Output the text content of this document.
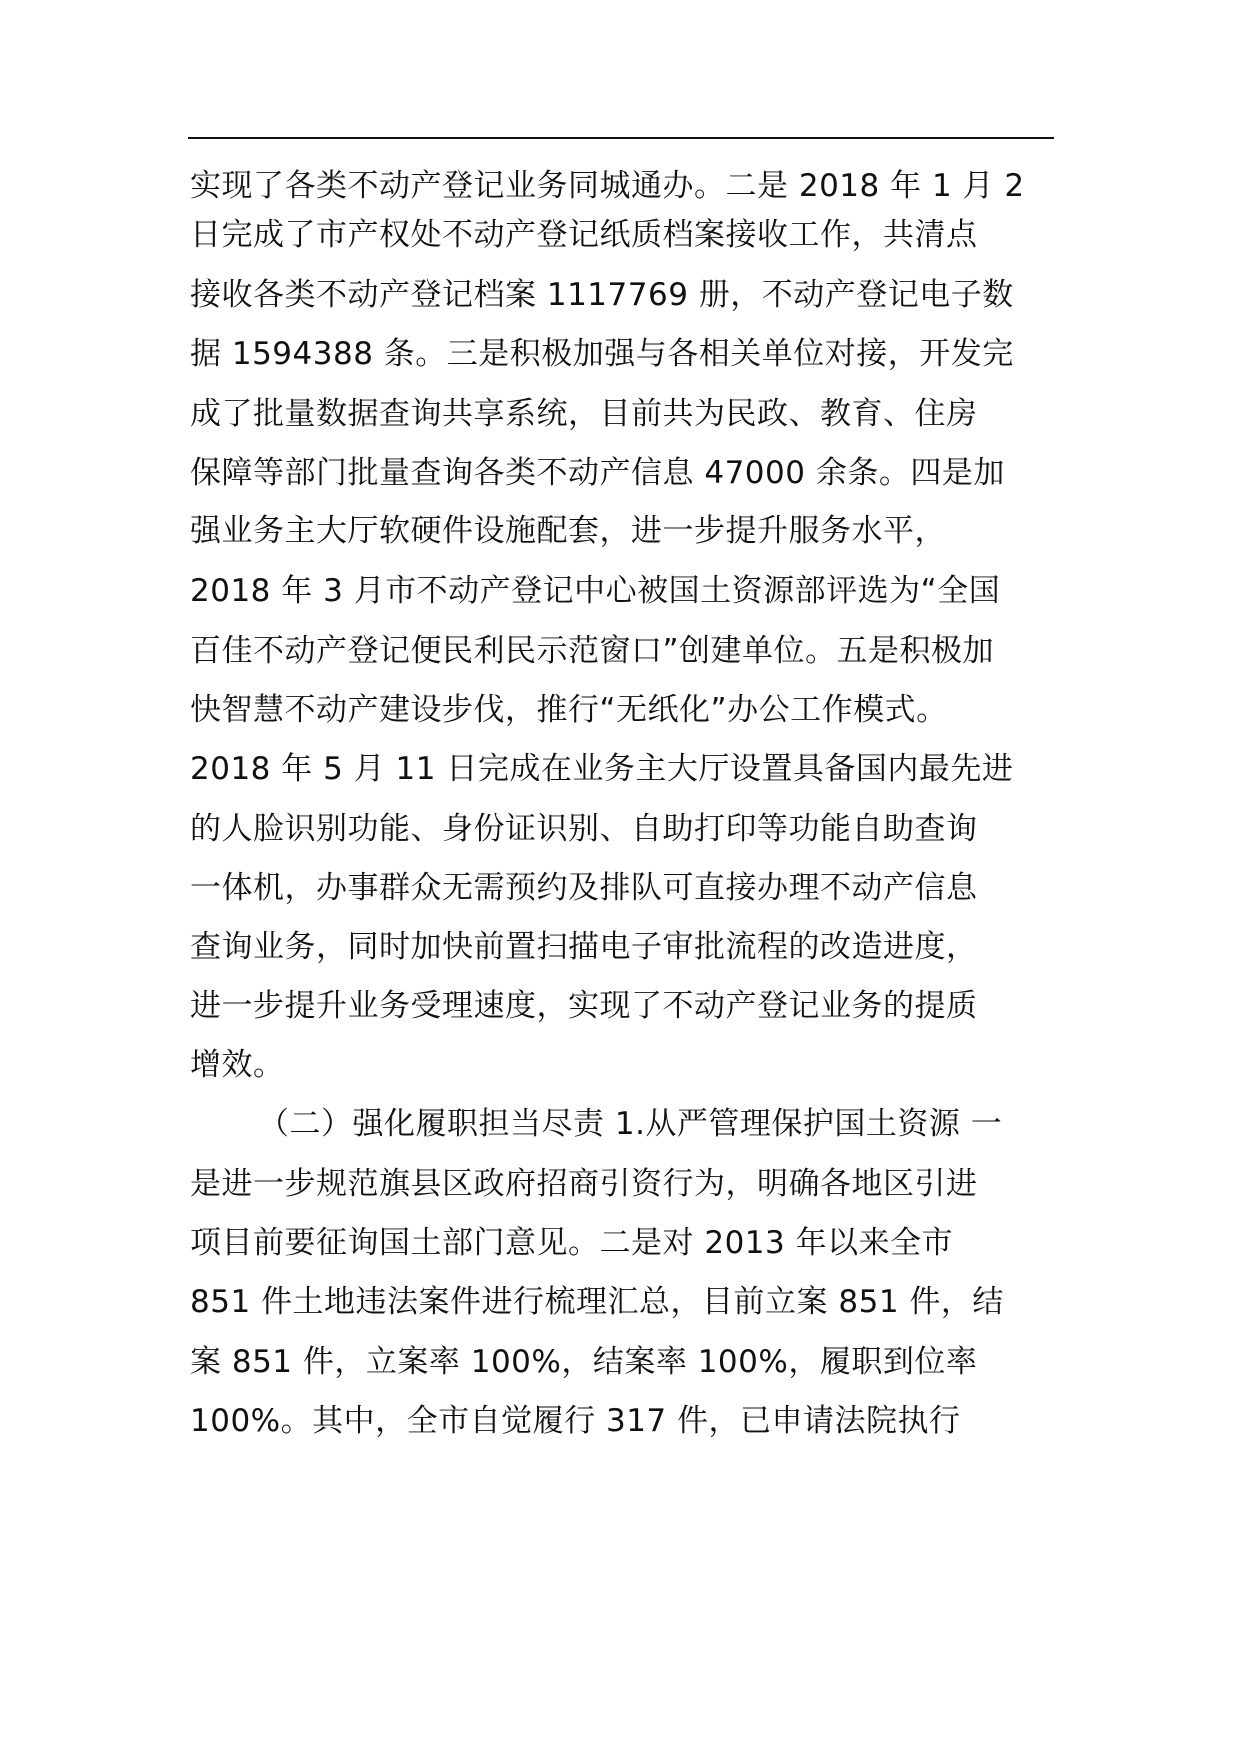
实现了各类不动产登记业务同城通办。二是 2018 年 1 月 2
日完成了市产权处不动产登记纸质档案接收工作，共清点
接收各类不动产登记档案 1117769 册，不动产登记电子数
据 1594388 条。三是积极加强与各相关单位对接，开发完
成了批量数据查询共享系统，目前共为民政、教育、住房
保障等部门批量查询各类不动产信息 47000 余条。四是加
强业务主大厅软硬件设施配套，进一步提升服务水平，
2018 年 3 月市不动产登记中心被国土资源部评选为“全国
百佳不动产登记便民利民示范窗口”创建单位。五是积极加
快智慧不动产建设步伐，推行“无纸化”办公工作模式。
2018 年 5 月 11 日完成在业务主大厅设置具备国内最先进
的人脸识别功能、身份证识别、自助打印等功能自助查询
一体机，办事群众无需预约及排队可直接办理不动产信息
查询业务，同时加快前置扫描电子审批流程的改造进度，
进一步提升业务受理速度，实现了不动产登记业务的提质
增效。
（二）强化履职担当尽责 1.从严管理保护国土资源 一
是进一步规范旗县区政府招商引资行为，明确各地区引进
项目前要征询国土部门意见。二是对 2013 年以来全市
851 件土地违法案件进行梳理汇总，目前立案 851 件，结
案 851 件，立案率 100%，结案率 100%，履职到位率
100%。其中，全市自觉履行 317 件，已申请法院执行
